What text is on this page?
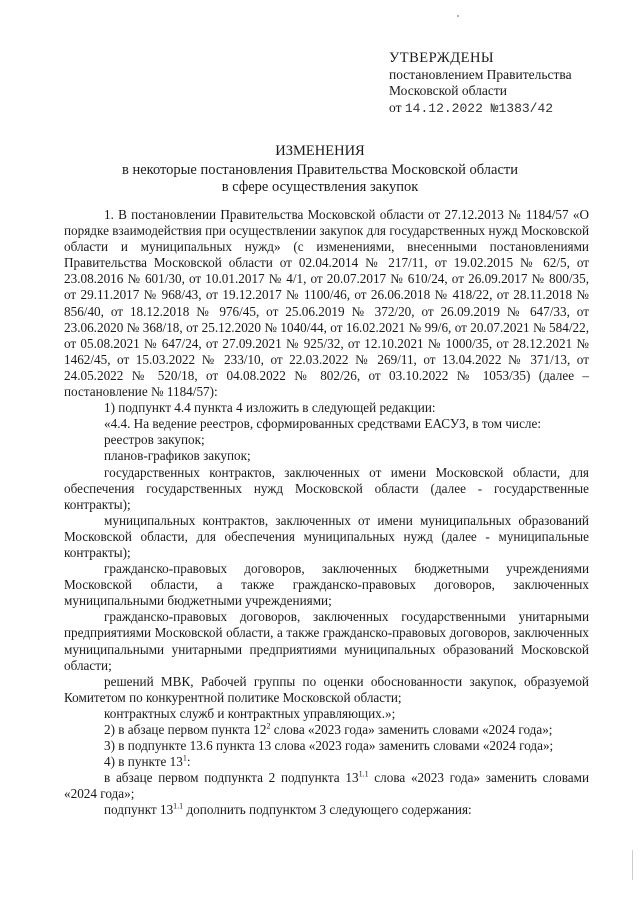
УТВЕРЖДЕНЫ
постановлением Правительства
Московской области
от 14.12.2022 №1383/42
ИЗМЕНЕНИЯ
в некоторые постановления Правительства Московской области
в сфере осуществления закупок

1. В постановлении Правительства Московской области от 27.12.2013 № 1184/57 «О порядке взаимодействия при осуществлении закупок для государственных нужд Московской области и муниципальных нужд» (с изменениями, внесенными постановлениями Правительства Московской области от 02.04.2014 № 217/11, от 19.02.2015 № 62/5, от 23.08.2016 № 601/30, от 10.01.2017 № 4/1, от 20.07.2017 № 610/24, от 26.09.2017 № 800/35, от 29.11.2017 № 968/43, от 19.12.2017 № 1100/46, от 26.06.2018 № 418/22, от 28.11.2018 № 856/40, от 18.12.2018 № 976/45, от 25.06.2019 № 372/20, от 26.09.2019 № 647/33, от 23.06.2020 № 368/18, от 25.12.2020 № 1040/44, от 16.02.2021 № 99/6, от 20.07.2021 № 584/22, от 05.08.2021 № 647/24, от 27.09.2021 № 925/32, от 12.10.2021 № 1000/35, от 28.12.2021 № 1462/45, от 15.03.2022 № 233/10, от 22.03.2022 № 269/11, от 13.04.2022 № 371/13, от 24.05.2022 № 520/18, от 04.08.2022 № 802/26, от 03.10.2022 № 1053/35) (далее – постановление № 1184/57):

1) подпункт 4.4 пункта 4 изложить в следующей редакции:

«4.4. На ведение реестров, сформированных средствами ЕАСУЗ, в том числе:

реестров закупок;

планов-графиков закупок;

государственных контрактов, заключенных от имени Московской области, для обеспечения государственных нужд Московской области (далее - государственные контракты);

муниципальных контрактов, заключенных от имени муниципальных образований Московской области, для обеспечения муниципальных нужд (далее - муниципальные контракты);

гражданско-правовых договоров, заключенных бюджетными учреждениями Московской области, а также гражданско-правовых договоров, заключенных муниципальными бюджетными учреждениями;

гражданско-правовых договоров, заключенных государственными унитарными предприятиями Московской области, а также гражданско-правовых договоров, заключенных муниципальными унитарными предприятиями муниципальных образований Московской области;

решений МВК, Рабочей группы по оценки обоснованности закупок, образуемой Комитетом по конкурентной политике Московской области;

контрактных служб и контрактных управляющих.»;

2) в абзаце первом пункта $12^2$ слова «2023 года» заменить словами «2024 года»;

3) в подпункте 13.6 пункта 13 слова «2023 года» заменить словами «2024 года»;

4) в пункте $13^1$:

в абзаце первом подпункта 2 подпункта $13^{1.1}$ слова «2023 года» заменить словами «2024 года»;

подпункт $13^{1.1}$ дополнить подпунктом 3 следующего содержания:
